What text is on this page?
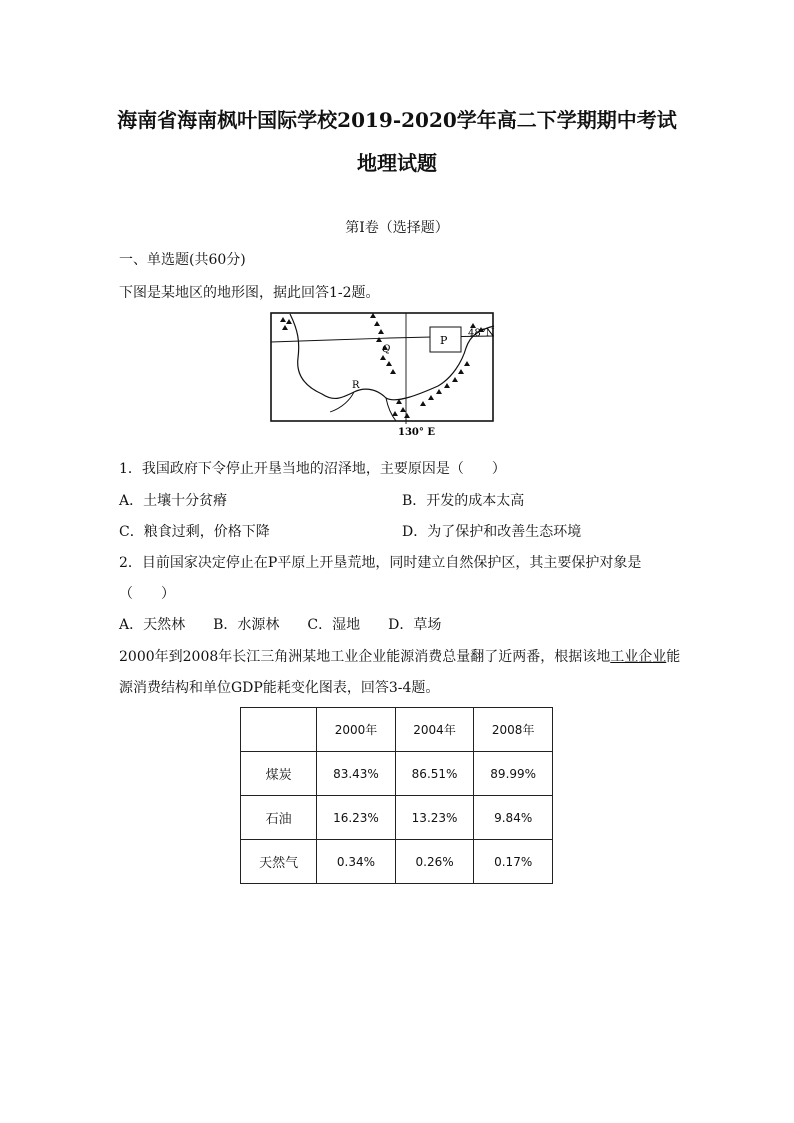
海南省海南枫叶国际学校2019-2020学年高二下学期期中考试
地理试题
第Ⅰ卷（选择题）
一、单选题(共60分)
下图是某地区的地形图，据此回答1-2题。
P
Q
R
48°N
130° E
1．我国政府下令停止开垦当地的沼泽地，主要原因是（　　）
A．土壤十分贫瘠	B．开发的成本太高
C．粮食过剩，价格下降	D．为了保护和改善生态环境
2．目前国家决定停止在P平原上开垦荒地，同时建立自然保护区，其主要保护对象是
（　　）
A．天然林　　B．水源林　　C．湿地　　D．草场
2000年到2008年长江三角洲某地工业企业能源消费总量翻了近两番，根据该地工业企业能
源消费结构和单位GDP能耗变化图表，回答3-4题。
	2000年	2004年	2008年
煤炭	83.43%	86.51%	89.99%
石油	16.23%	13.23%	9.84%
天然气	0.34%	0.26%	0.17%
